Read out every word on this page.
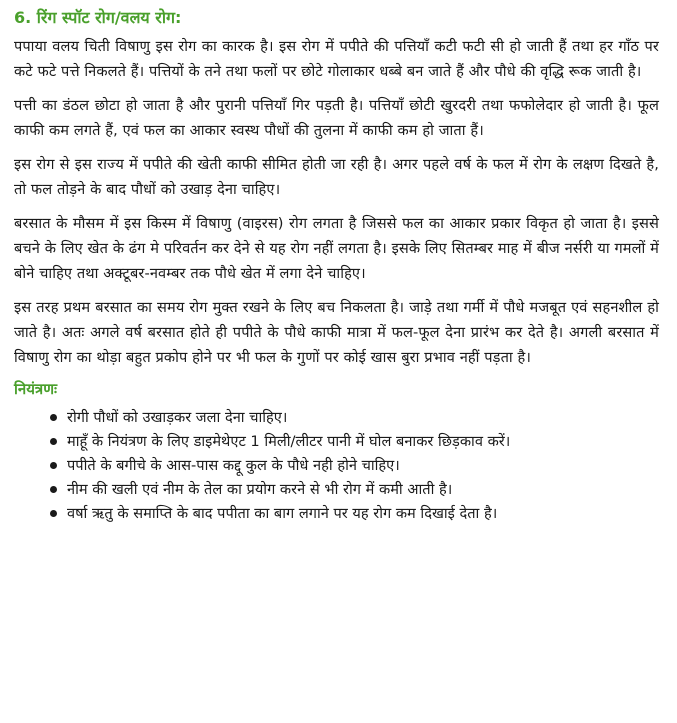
6. रिंग स्पॉट रोग/वलय रोग:

पपाया वलय चिती विषाणु इस रोग का कारक है। इस रोग में पपीते की पत्तियाँ कटी फटी सी हो जाती हैं तथा हर गाँठ पर कटे फटे पत्ते निकलते हैं। पत्तियों के तने तथा फलों पर छोटे गोलाकार धब्बे बन जाते हैं और पौधे की वृद्धि रूक जाती है।

पत्ती का डंठल छोटा हो जाता है और पुरानी पत्तियाँ गिर पड़ती है। पत्तियाँ छोटी खुरदरी तथा फफोलेदार हो जाती है। फूल काफी कम लगते हैं, एवं फल का आकार स्वस्थ पौधों की तुलना में काफी कम हो जाता हैं।

इस रोग से इस राज्य में पपीते की खेती काफी सीमित होती जा रही है। अगर पहले वर्ष के फल में रोग के लक्षण दिखते है, तो फल तोड़ने के बाद पौधों को उखाड़ देना चाहिए।

बरसात के मौसम में इस किस्म में विषाणु (वाइरस) रोग लगता है जिससे फल का आकार प्रकार विकृत हो जाता है। इससे बचने के लिए खेत के ढंग मे परिवर्तन कर देने से यह रोग नहीं लगता है। इसके लिए सितम्बर माह में बीज नर्सरी या गमलों में बोने चाहिए तथा अक्टूबर-नवम्बर तक पौधे खेत में लगा देने चाहिए।

इस तरह प्रथम बरसात का समय रोग मुक्त रखने के लिए बच निकलता है। जाड़े तथा गर्मी में पौधे मजबूत एवं सहनशील हो जाते है। अतः अगले वर्ष बरसात होते ही पपीते के पौधे काफी मात्रा में फल-फूल देना प्रारंभ कर देते है। अगली बरसात में विषाणु रोग का थोड़ा बहुत प्रकोप होने पर भी फल के गुणों पर कोई खास बुरा प्रभाव नहीं पड़ता है।

नियंत्रणः
रोगी पौधों को उखाड़कर जला देना चाहिए।
माहूँ के नियंत्रण के लिए डाइमेथेएट 1 मिली/लीटर पानी में घोल बनाकर छिड़काव करें।
पपीते के बगीचे के आस-पास कद्दू कुल के पौधे नही होने चाहिए।
नीम की खली एवं नीम के तेल का प्रयोग करने से भी रोग में कमी आती है।
वर्षा ऋतु के समाप्ति के बाद पपीता का बाग लगाने पर यह रोग कम दिखाई देता है।
